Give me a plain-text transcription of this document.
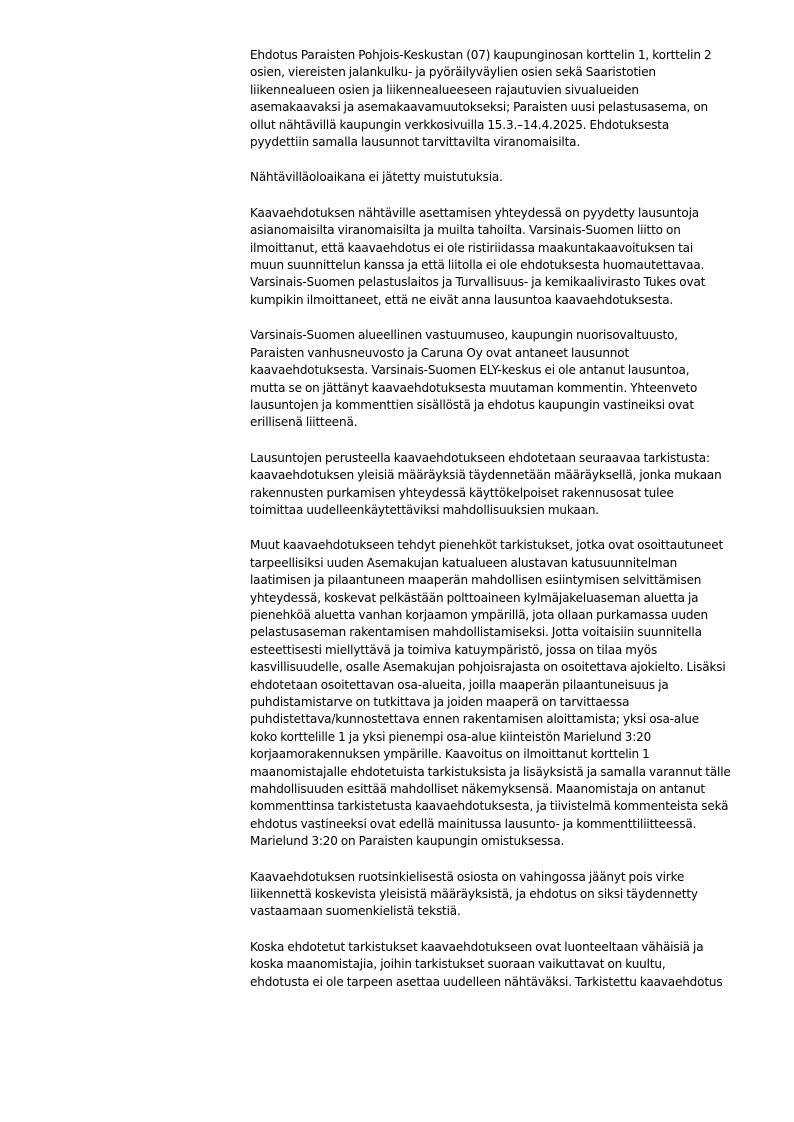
Ehdotus Paraisten Pohjois-Keskustan (07) kaupunginosan korttelin 1, korttelin 2
osien, viereisten jalankulku- ja pyöräilyväylien osien sekä Saaristotien
liikennealueen osien ja liikennealueeseen rajautuvien sivualueiden
asemakaavaksi ja asemakaavamuutokseksi; Paraisten uusi pelastusasema, on
ollut nähtävillä kaupungin verkkosivuilla 15.3.–14.4.2025. Ehdotuksesta
pyydettiin samalla lausunnot tarvittavilta viranomaisilta.

Nähtävilläoloaikana ei jätetty muistutuksia.

Kaavaehdotuksen nähtäville asettamisen yhteydessä on pyydetty lausuntoja
asianomaisilta viranomaisilta ja muilta tahoilta. Varsinais-Suomen liitto on
ilmoittanut, että kaavaehdotus ei ole ristiriidassa maakuntakaavoituksen tai
muun suunnittelun kanssa ja että liitolla ei ole ehdotuksesta huomautettavaa.
Varsinais-Suomen pelastuslaitos ja Turvallisuus- ja kemikaalivirasto Tukes ovat
kumpikin ilmoittaneet, että ne eivät anna lausuntoa kaavaehdotuksesta.

Varsinais-Suomen alueellinen vastuumuseo, kaupungin nuorisovaltuusto,
Paraisten vanhusneuvosto ja Caruna Oy ovat antaneet lausunnot
kaavaehdotuksesta. Varsinais-Suomen ELY-keskus ei ole antanut lausuntoa,
mutta se on jättänyt kaavaehdotuksesta muutaman kommentin. Yhteenveto
lausuntojen ja kommenttien sisällöstä ja ehdotus kaupungin vastineiksi ovat
erillisenä liitteenä.

Lausuntojen perusteella kaavaehdotukseen ehdotetaan seuraavaa tarkistusta:
kaavaehdotuksen yleisiä määräyksiä täydennetään määräyksellä, jonka mukaan
rakennusten purkamisen yhteydessä käyttökelpoiset rakennusosat tulee
toimittaa uudelleenkäytettäviksi mahdollisuuksien mukaan.

Muut kaavaehdotukseen tehdyt pienehköt tarkistukset, jotka ovat osoittautuneet
tarpeellisiksi uuden Asemakujan katualueen alustavan katusuunnitelman
laatimisen ja pilaantuneen maaperän mahdollisen esiintymisen selvittämisen
yhteydessä, koskevat pelkästään polttoaineen kylmäjakeluaseman aluetta ja
pienehköä aluetta vanhan korjaamon ympärillä, jota ollaan purkamassa uuden
pelastusaseman rakentamisen mahdollistamiseksi. Jotta voitaisiin suunnitella
esteettisesti miellyttävä ja toimiva katuympäristö, jossa on tilaa myös
kasvillisuudelle, osalle Asemakujan pohjoisrajasta on osoitettava ajokielto. Lisäksi
ehdotetaan osoitettavan osa-alueita, joilla maaperän pilaantuneisuus ja
puhdistamistarve on tutkittava ja joiden maaperä on tarvittaessa
puhdistettava/kunnostettava ennen rakentamisen aloittamista; yksi osa-alue
koko korttelille 1 ja yksi pienempi osa-alue kiinteistön Marielund 3:20
korjaamorakennuksen ympärille. Kaavoitus on ilmoittanut korttelin 1
maanomistajalle ehdotetuista tarkistuksista ja lisäyksistä ja samalla varannut tälle
mahdollisuuden esittää mahdolliset näkemyksensä. Maanomistaja on antanut
kommenttinsa tarkistetusta kaavaehdotuksesta, ja tiivistelmä kommenteista sekä
ehdotus vastineeksi ovat edellä mainitussa lausunto- ja kommenttiliitteessä.
Marielund 3:20 on Paraisten kaupungin omistuksessa.

Kaavaehdotuksen ruotsinkielisestä osiosta on vahingossa jäänyt pois virke
liikennettä koskevista yleisistä määräyksistä, ja ehdotus on siksi täydennetty
vastaamaan suomenkielistä tekstiä.

Koska ehdotetut tarkistukset kaavaehdotukseen ovat luonteeltaan vähäisiä ja
koska maanomistajia, joihin tarkistukset suoraan vaikuttavat on kuultu,
ehdotusta ei ole tarpeen asettaa uudelleen nähtäväksi. Tarkistettu kaavaehdotus
